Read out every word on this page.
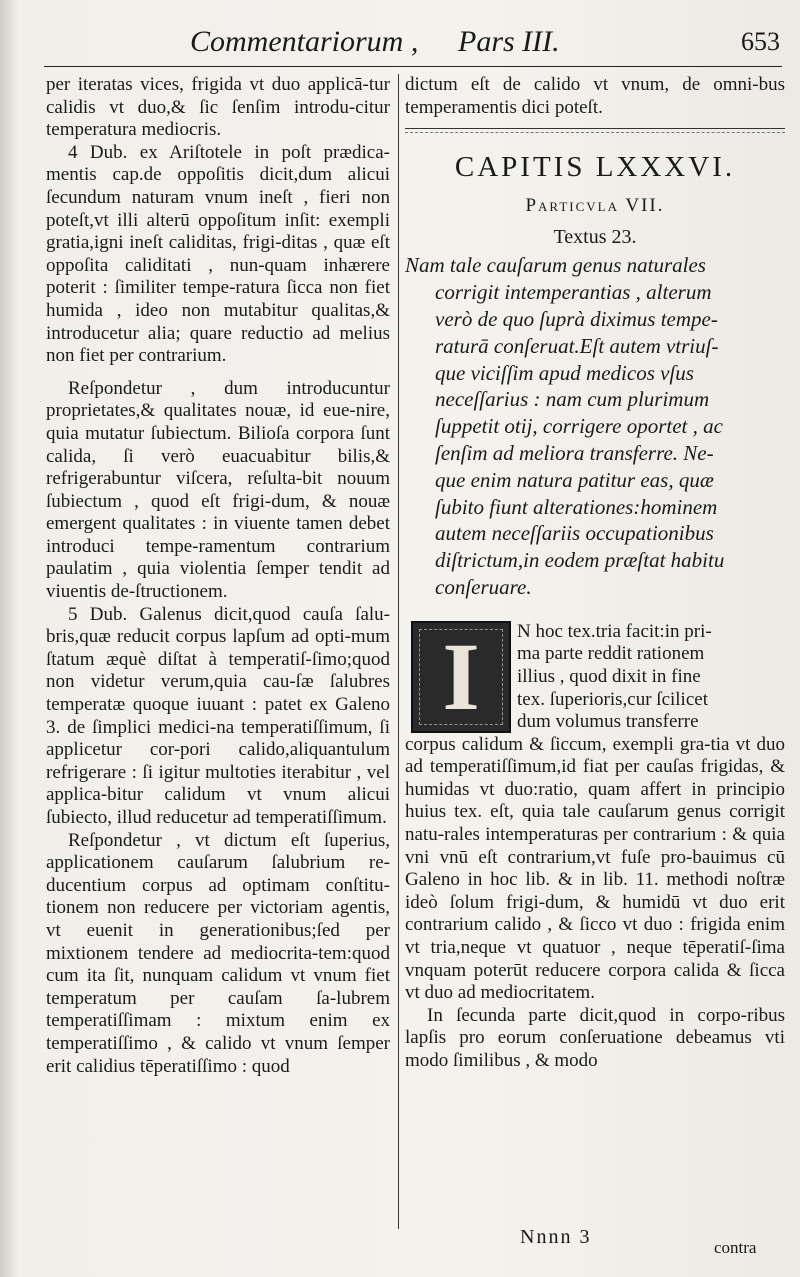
Commentariorum , Pars III.	653

per iteratas vices, frigida vt duo applicā-tur calidis vt duo,& ſic ſenſim introdu-citur temperatura mediocris.

4 Dub. ex Ariſtotele in poſt prædica-mentis cap.de oppoſitis dicit,dum alicui ſecundum naturam vnum ineſt , fieri non poteſt,vt illi alterū oppoſitum inſit: exempli gratia,igni ineſt caliditas, frigi-ditas , quæ eſt oppoſita caliditati , nun-quam inhærere poterit : ſimiliter tempe-ratura ſicca non fiet humida , ideo non mutabitur qualitas,& introducetur alia; quare reductio ad melius non fiet per contrarium.

Reſpondetur , dum introducuntur proprietates,& qualitates nouæ, id eue-nire, quia mutatur ſubiectum. Bilioſa corpora ſunt calida, ſi verò euacuabitur bilis,& refrigerabuntur viſcera, reſulta-bit nouum ſubiectum , quod eſt frigi-dum, & nouæ emergent qualitates : in viuente tamen debet introduci tempe-ramentum contrarium paulatim , quia violentia ſemper tendit ad viuentis de-ſtructionem.

5 Dub. Galenus dicit,quod cauſa ſalu-bris,quæ reducit corpus lapſum ad opti-mum ſtatum æquè diſtat à temperatiſ-ſimo;quod non videtur verum,quia cau-ſæ ſalubres temperatæ quoque iuuant : patet ex Galeno 3. de ſimplici medici-na temperatiſſimum, ſi applicetur cor-pori calido,aliquantulum refrigerare : ſi igitur multoties iterabitur , vel applica-bitur calidum vt vnum alicui ſubiecto, illud reducetur ad temperatiſſimum.

Reſpondetur , vt dictum eſt ſuperius, applicationem cauſarum ſalubrium re-ducentium corpus ad optimam conſtitu-tionem non reducere per victoriam agentis, vt euenit in generationibus;ſed per mixtionem tendere ad mediocrita-tem:quod cum ita ſit, nunquam calidum vt vnum fiet temperatum per cauſam ſa-lubrem temperatiſſimam : mixtum enim ex temperatiſſimo , & calido vt vnum ſemper erit calidius tēperatiſſimo : quod

dictum eſt de calido vt vnum, de omni-bus temperamentis dici poteſt.

CAPITIS LXXXVI.
Particvla VII.
Textus 23.
Nam tale cauſarum genus naturales
corrigit intemperantias , alterum
verò de quo ſuprà diximus tempe-
raturā conſeruat.Eſt autem vtriuſ-
que viciſſim apud medicos vſus
neceſſarius : nam cum plurimum
ſuppetit otij, corrigere oportet , ac
ſenſim ad meliora transferre. Ne-
que enim natura patitur eas, quæ
ſubito fiunt alterationes:hominem
autem neceſſariis occupationibus
diſtrictum,in eodem præſtat habitu
conſeruare.
I	N hoc tex.tria facit:in pri-

ma parte reddit rationem

illius , quod dixit in fine

tex. ſuperioris,cur ſcilicet

dum volumus transferre

corpus calidum & ſiccum, exempli gra-tia vt duo ad temperatiſſimum,id fiat per cauſas frigidas, & humidas vt duo:ratio, quam affert in principio huius tex. eſt, quia tale cauſarum genus corrigit natu-rales intemperaturas per contrarium : & quia vni vnū eſt contrarium,vt fuſe pro-bauimus cū Galeno in hoc lib. & in lib. 11. methodi noſtræ ideò ſolum frigi-dum, & humidū vt duo erit contrarium calido , & ſicco vt duo : frigida enim vt tria,neque vt quatuor , neque tēperatiſ-ſima vnquam poterūt reducere corpora calida & ſicca vt duo ad mediocritatem.

In ſecunda parte dicit,quod in corpo-ribus lapſis pro eorum conſeruatione debeamus vti modo ſimilibus , & modo

Nnnn 3	contra
